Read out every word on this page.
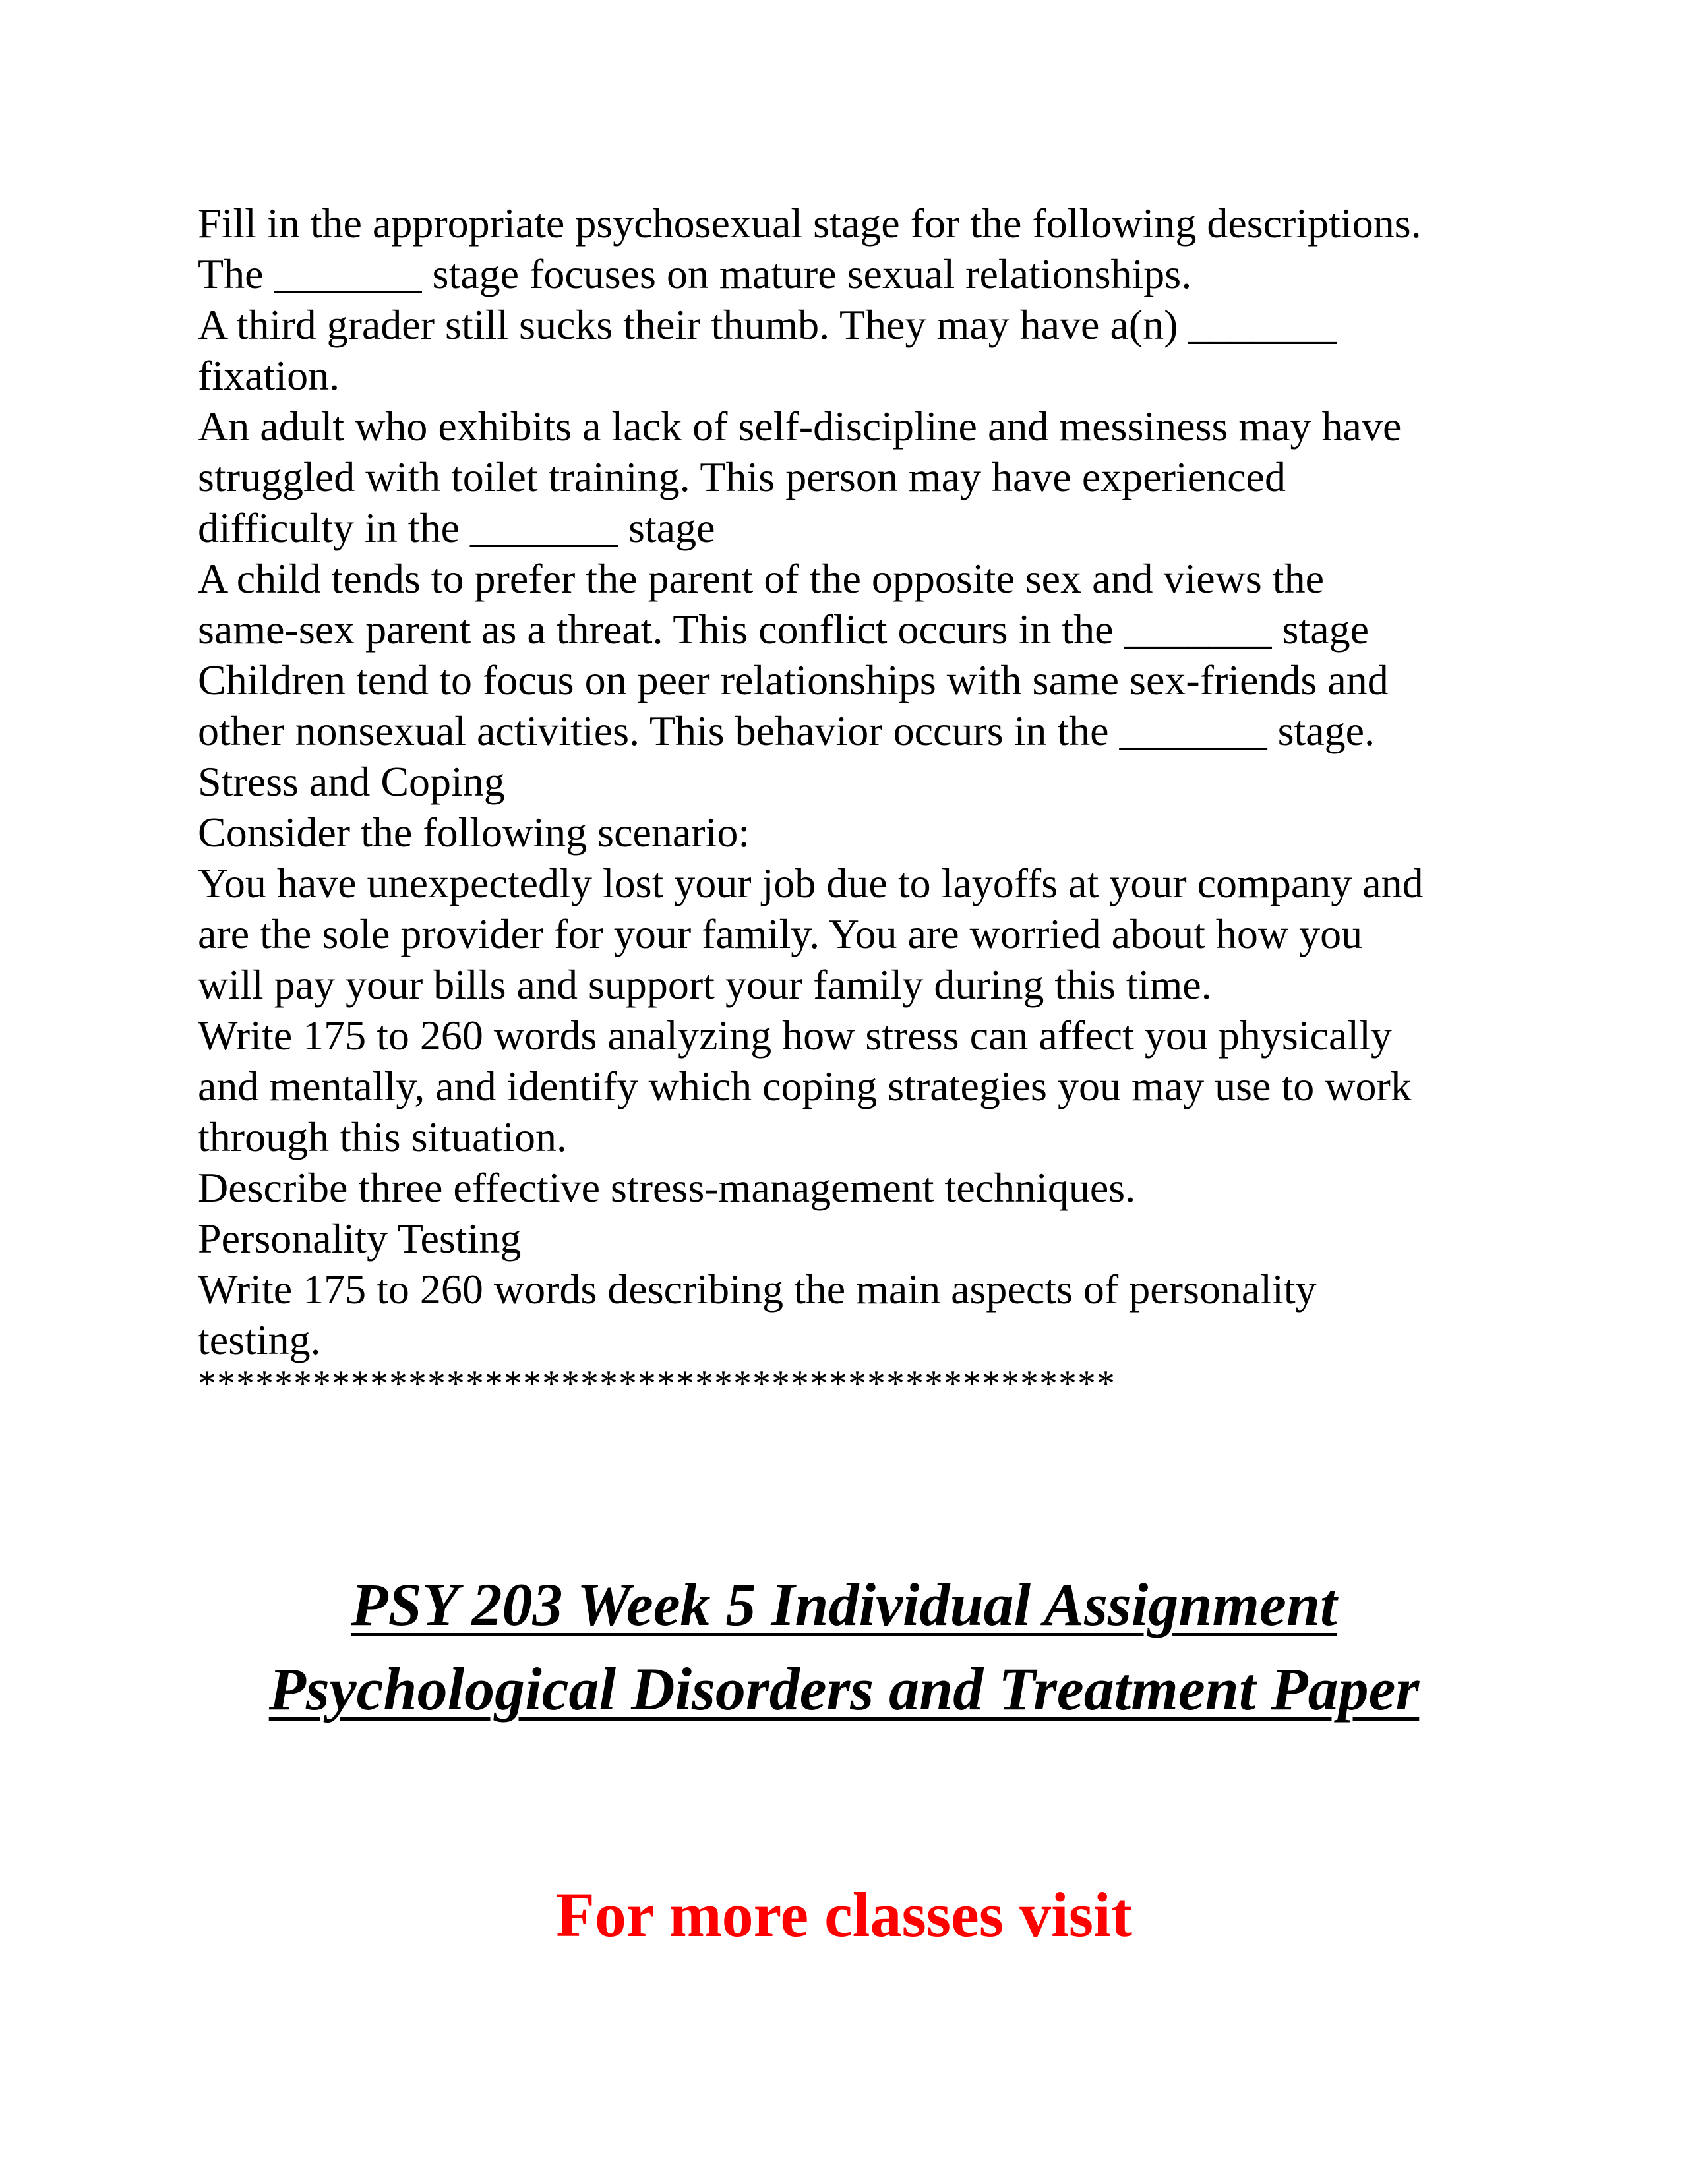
Fill in the appropriate psychosexual stage for the following descriptions.
The _______ stage focuses on mature sexual relationships.
A third grader still sucks their thumb. They may have a(n) _______
fixation.
An adult who exhibits a lack of self-discipline and messiness may have
struggled with toilet training. This person may have experienced
difficulty in the _______ stage
A child tends to prefer the parent of the opposite sex and views the
same-sex parent as a threat. This conflict occurs in the _______ stage
Children tend to focus on peer relationships with same sex-friends and
other nonsexual activities. This behavior occurs in the _______ stage.
Stress and Coping
Consider the following scenario:
You have unexpectedly lost your job due to layoffs at your company and
are the sole provider for your family. You are worried about how you
will pay your bills and support your family during this time.
Write 175 to 260 words analyzing how stress can affect you physically
and mentally, and identify which coping strategies you may use to work
through this situation.
Describe three effective stress-management techniques.
Personality Testing
Write 175 to 260 words describing the main aspects of personality
testing.
************************************************
PSY 203 Week 5 Individual Assignment
Psychological Disorders and Treatment Paper
For more classes visit
